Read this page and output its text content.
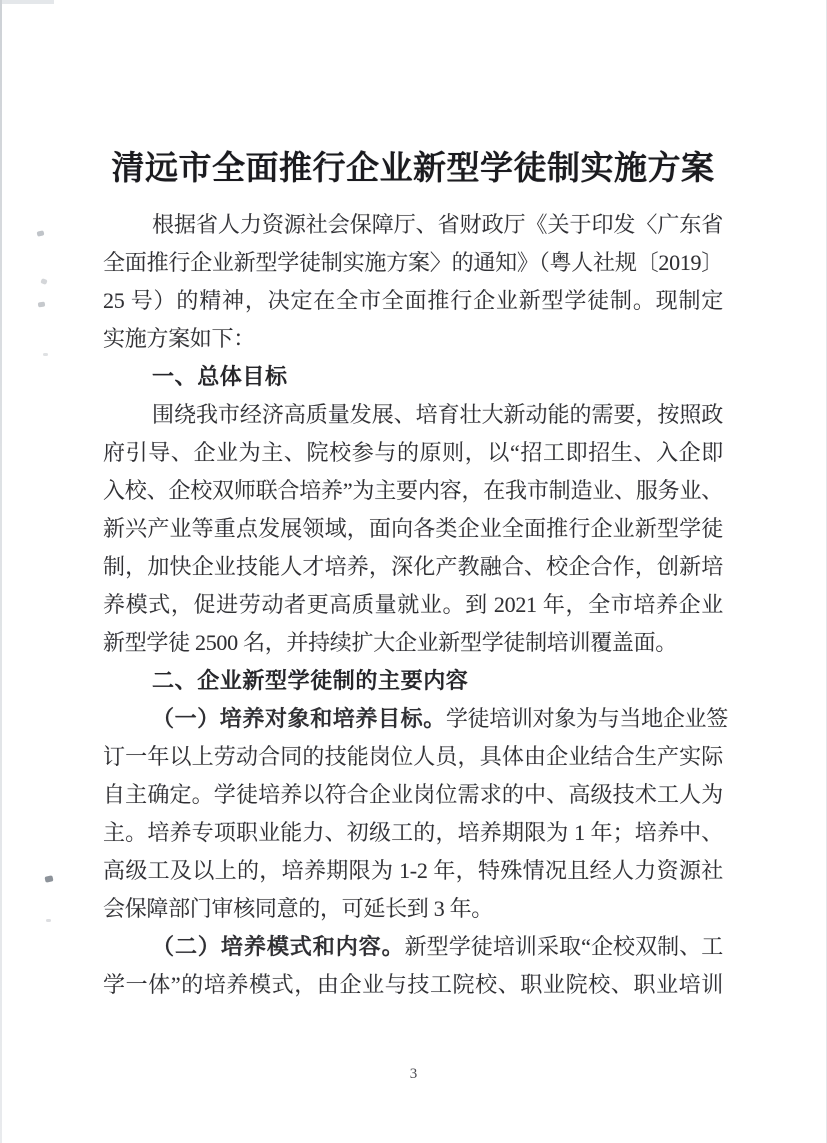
清远市全面推行企业新型学徒制实施方案
根据省人力资源社会保障厅、省财政厅《关于印发〈广东省
全面推行企业新型学徒制实施方案〉的通知》（粤人社规〔2019〕
25 号）的精神，决定在全市全面推行企业新型学徒制。现制定
实施方案如下：
一、总体目标
围绕我市经济高质量发展、培育壮大新动能的需要，按照政
府引导、企业为主、院校参与的原则，以“招工即招生、入企即
入校、企校双师联合培养”为主要内容，在我市制造业、服务业、
新兴产业等重点发展领域，面向各类企业全面推行企业新型学徒
制，加快企业技能人才培养，深化产教融合、校企合作，创新培
养模式，促进劳动者更高质量就业。到 2021 年，全市培养企业
新型学徒 2500 名，并持续扩大企业新型学徒制培训覆盖面。
二、企业新型学徒制的主要内容
（一）培养对象和培养目标。学徒培训对象为与当地企业签
订一年以上劳动合同的技能岗位人员，具体由企业结合生产实际
自主确定。学徒培养以符合企业岗位需求的中、高级技术工人为
主。培养专项职业能力、初级工的，培养期限为 1 年；培养中、
高级工及以上的，培养期限为 1-2 年，特殊情况且经人力资源社
会保障部门审核同意的，可延长到 3 年。
（二）培养模式和内容。新型学徒培训采取“企校双制、工
学一体”的培养模式，由企业与技工院校、职业院校、职业培训
3
